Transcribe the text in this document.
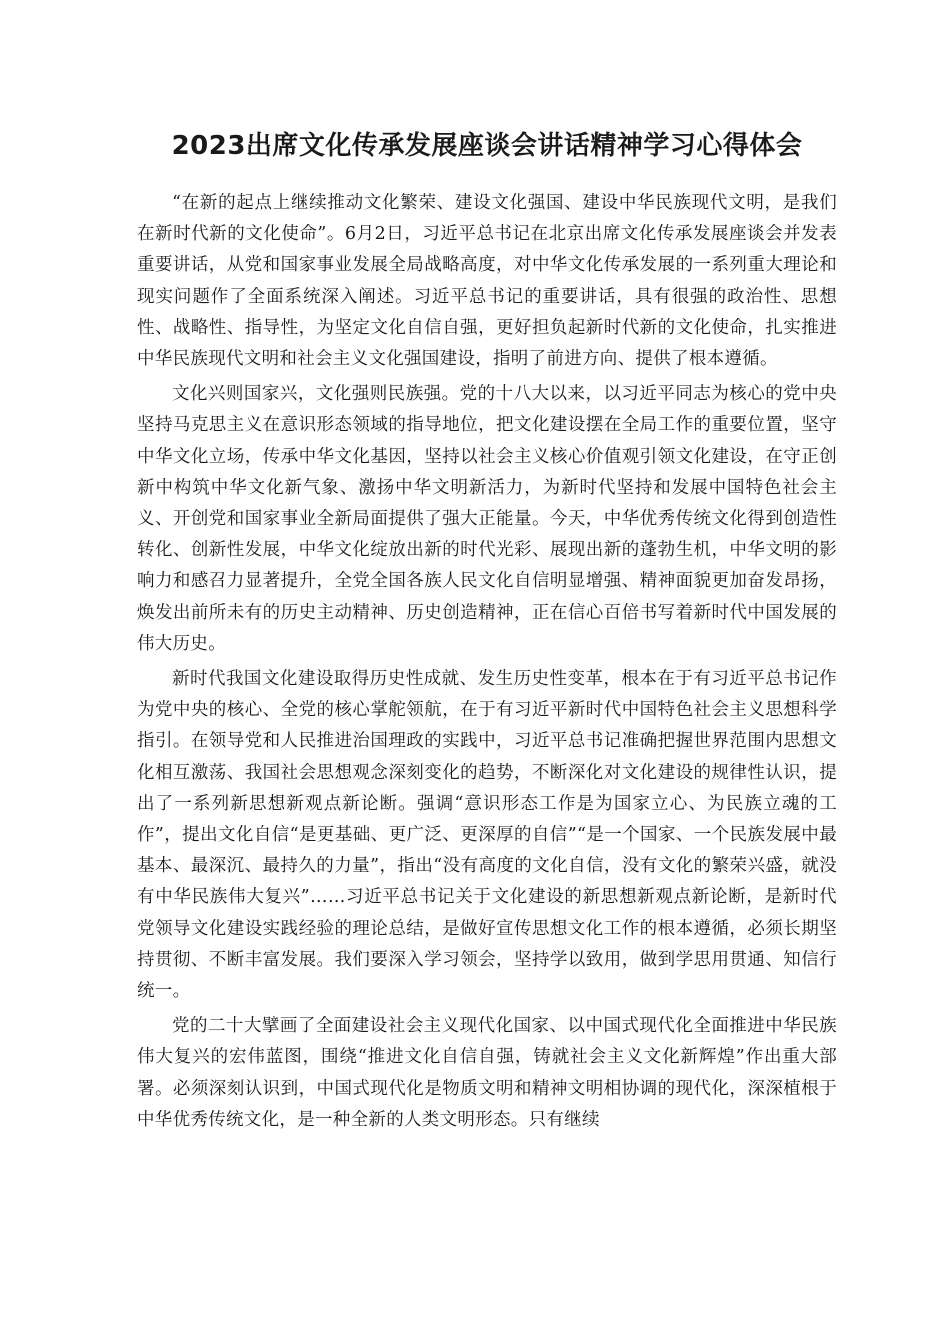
2023出席文化传承发展座谈会讲话精神学习心得体会

“在新的起点上继续推动文化繁荣、建设文化强国、建设中华民族现代文明，是我们在新时代新的文化使命”。6月2日，习近平总书记在北京出席文化传承发展座谈会并发表重要讲话，从党和国家事业发展全局战略高度，对中华文化传承发展的一系列重大理论和现实问题作了全面系统深入阐述。习近平总书记的重要讲话，具有很强的政治性、思想性、战略性、指导性，为坚定文化自信自强，更好担负起新时代新的文化使命，扎实推进中华民族现代文明和社会主义文化强国建设，指明了前进方向、提供了根本遵循。

文化兴则国家兴，文化强则民族强。党的十八大以来，以习近平同志为核心的党中央坚持马克思主义在意识形态领域的指导地位，把文化建设摆在全局工作的重要位置，坚守中华文化立场，传承中华文化基因，坚持以社会主义核心价值观引领文化建设，在守正创新中构筑中华文化新气象、激扬中华文明新活力，为新时代坚持和发展中国特色社会主义、开创党和国家事业全新局面提供了强大正能量。今天，中华优秀传统文化得到创造性转化、创新性发展，中华文化绽放出新的时代光彩、展现出新的蓬勃生机，中华文明的影响力和感召力显著提升，全党全国各族人民文化自信明显增强、精神面貌更加奋发昂扬，焕发出前所未有的历史主动精神、历史创造精神，正在信心百倍书写着新时代中国发展的伟大历史。

新时代我国文化建设取得历史性成就、发生历史性变革，根本在于有习近平总书记作为党中央的核心、全党的核心掌舵领航，在于有习近平新时代中国特色社会主义思想科学指引。在领导党和人民推进治国理政的实践中，习近平总书记准确把握世界范围内思想文化相互激荡、我国社会思想观念深刻变化的趋势，不断深化对文化建设的规律性认识，提出了一系列新思想新观点新论断。强调“意识形态工作是为国家立心、为民族立魂的工作”，提出文化自信“是更基础、更广泛、更深厚的自信”“是一个国家、一个民族发展中最基本、最深沉、最持久的力量”，指出“没有高度的文化自信，没有文化的繁荣兴盛，就没有中华民族伟大复兴”……习近平总书记关于文化建设的新思想新观点新论断，是新时代党领导文化建设实践经验的理论总结，是做好宣传思想文化工作的根本遵循，必须长期坚持贯彻、不断丰富发展。我们要深入学习领会，坚持学以致用，做到学思用贯通、知信行统一。

党的二十大擘画了全面建设社会主义现代化国家、以中国式现代化全面推进中华民族伟大复兴的宏伟蓝图，围绕“推进文化自信自强，铸就社会主义文化新辉煌”作出重大部署。必须深刻认识到，中国式现代化是物质文明和精神文明相协调的现代化，深深植根于中华优秀传统文化，是一种全新的人类文明形态。只有继续
